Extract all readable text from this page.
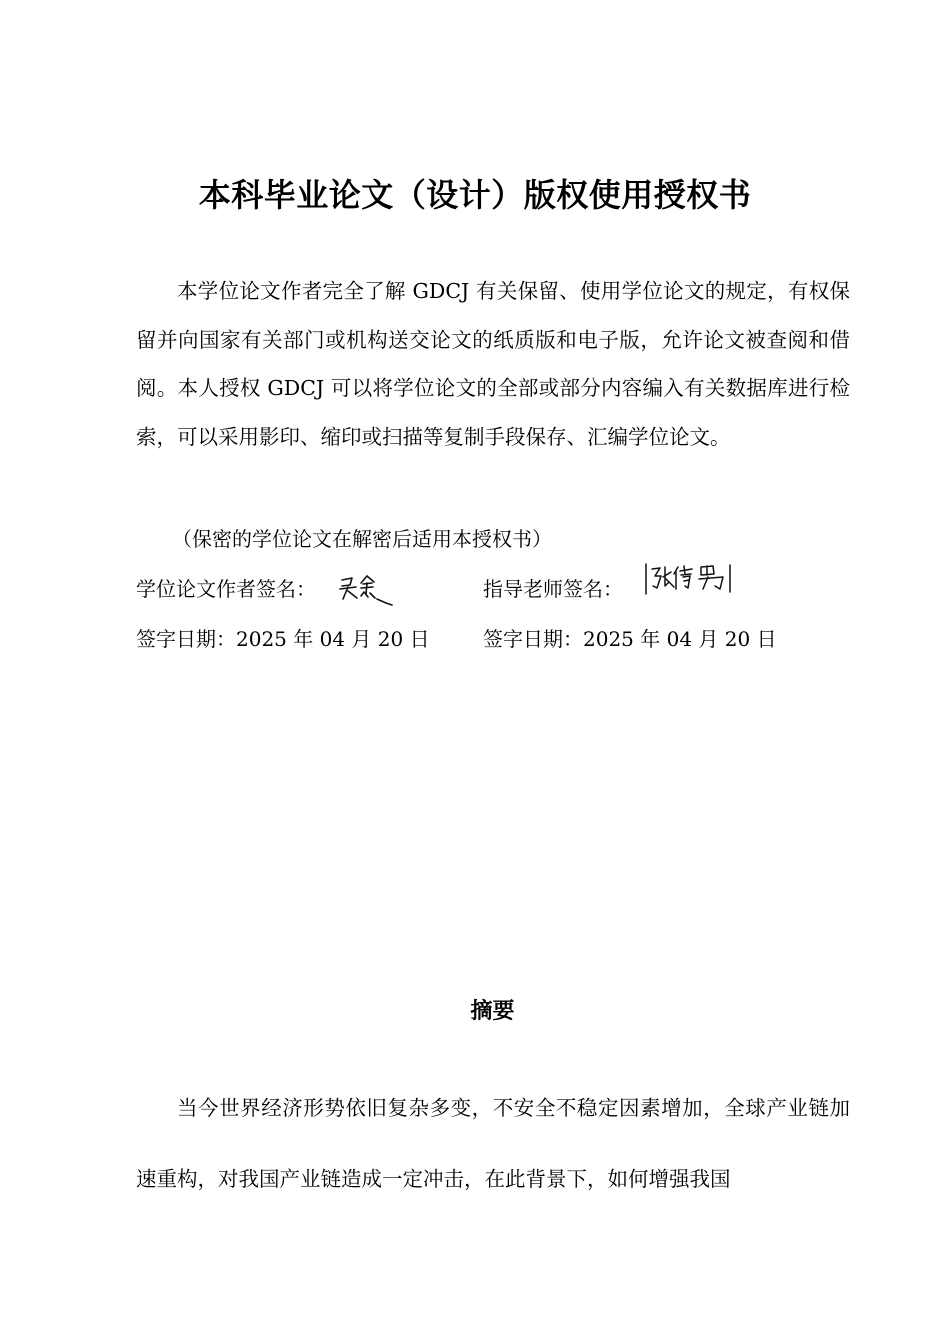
本科毕业论文（设计）版权使用授权书

本学位论文作者完全了解 GDCJ 有关保留、使用学位论文的规定，有权保留并向国家有关部门或机构送交论文的纸质版和电子版，允许论文被查阅和借阅。本人授权 GDCJ 可以将学位论文的全部或部分内容编入有关数据库进行检索，可以采用影印、缩印或扫描等复制手段保存、汇编学位论文。

（保密的学位论文在解密后适用本授权书）

学位论文作者签名：	指导老师签名：

签字日期：2025 年 04 月 20 日	签字日期：2025 年 04 月 20 日

摘要

当今世界经济形势依旧复杂多变，不安全不稳定因素增加，全球产业链加速重构，对我国产业链造成一定冲击，在此背景下，如何增强我国
